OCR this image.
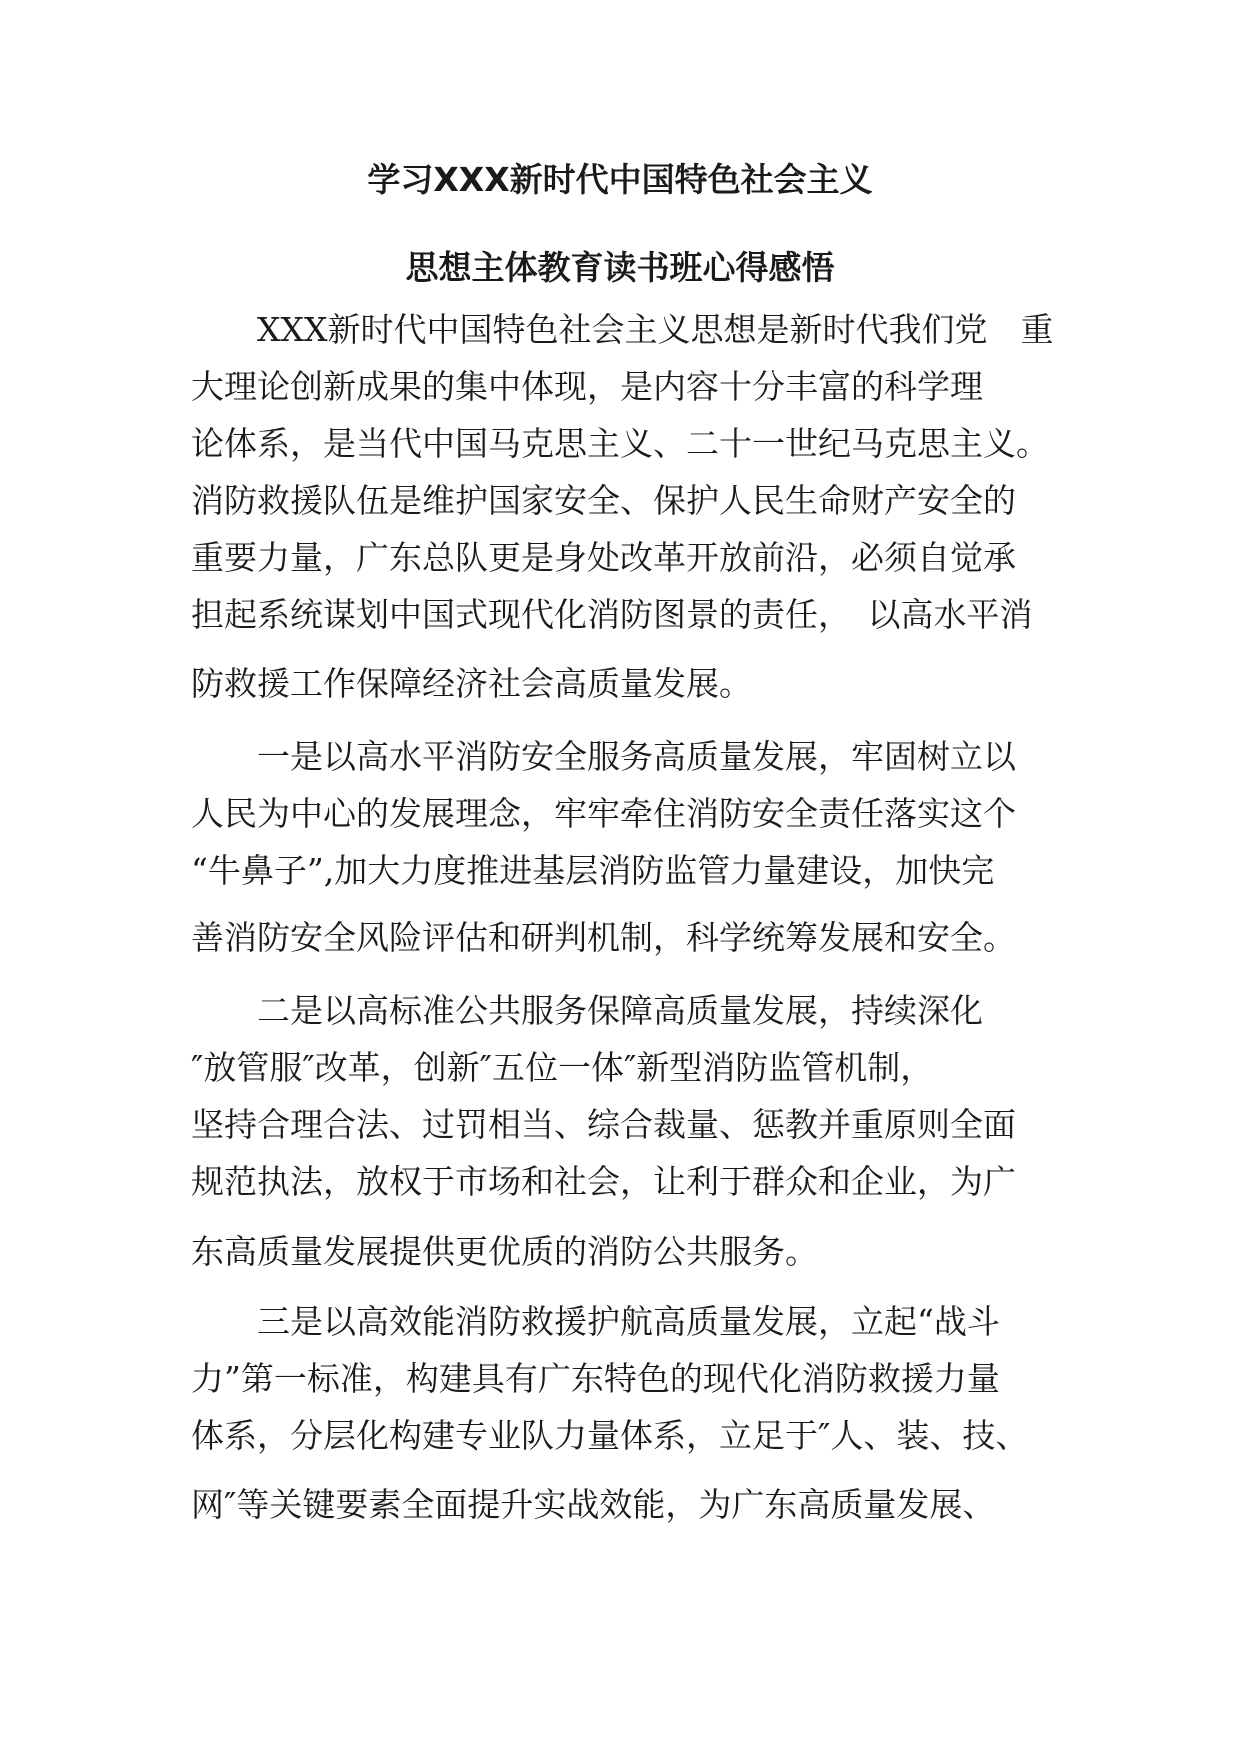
学习XXX新时代中国特色社会主义
思想主体教育读书班心得感悟

XXX新时代中国特色社会主义思想是新时代我们党　重

大理论创新成果的集中体现，是内容十分丰富的科学理

论体系，是当代中国马克思主义、二十一世纪马克思主义。

消防救援队伍是维护国家安全、保护人民生命财产安全的

重要力量，广东总队更是身处改革开放前沿，必须自觉承

担起系统谋划中国式现代化消防图景的责任，　以高水平消

防救援工作保障经济社会高质量发展。

一是以高水平消防安全服务高质量发展，牢固树立以

人民为中心的发展理念，牢牢牵住消防安全责任落实这个

“牛鼻子”,加大力度推进基层消防监管力量建设，加快完

善消防安全风险评估和研判机制，科学统筹发展和安全。

二是以高标准公共服务保障高质量发展，持续深化

″放管服″改革，创新″五位一体″新型消防监管机制，

坚持合理合法、过罚相当、综合裁量、惩教并重原则全面

规范执法，放权于市场和社会，让利于群众和企业，为广

东高质量发展提供更优质的消防公共服务。

三是以高效能消防救援护航高质量发展，立起“战斗

力”第一标准，构建具有广东特色的现代化消防救援力量

体系，分层化构建专业队力量体系，立足于″人、装、技、

网″等关键要素全面提升实战效能，为广东高质量发展、
